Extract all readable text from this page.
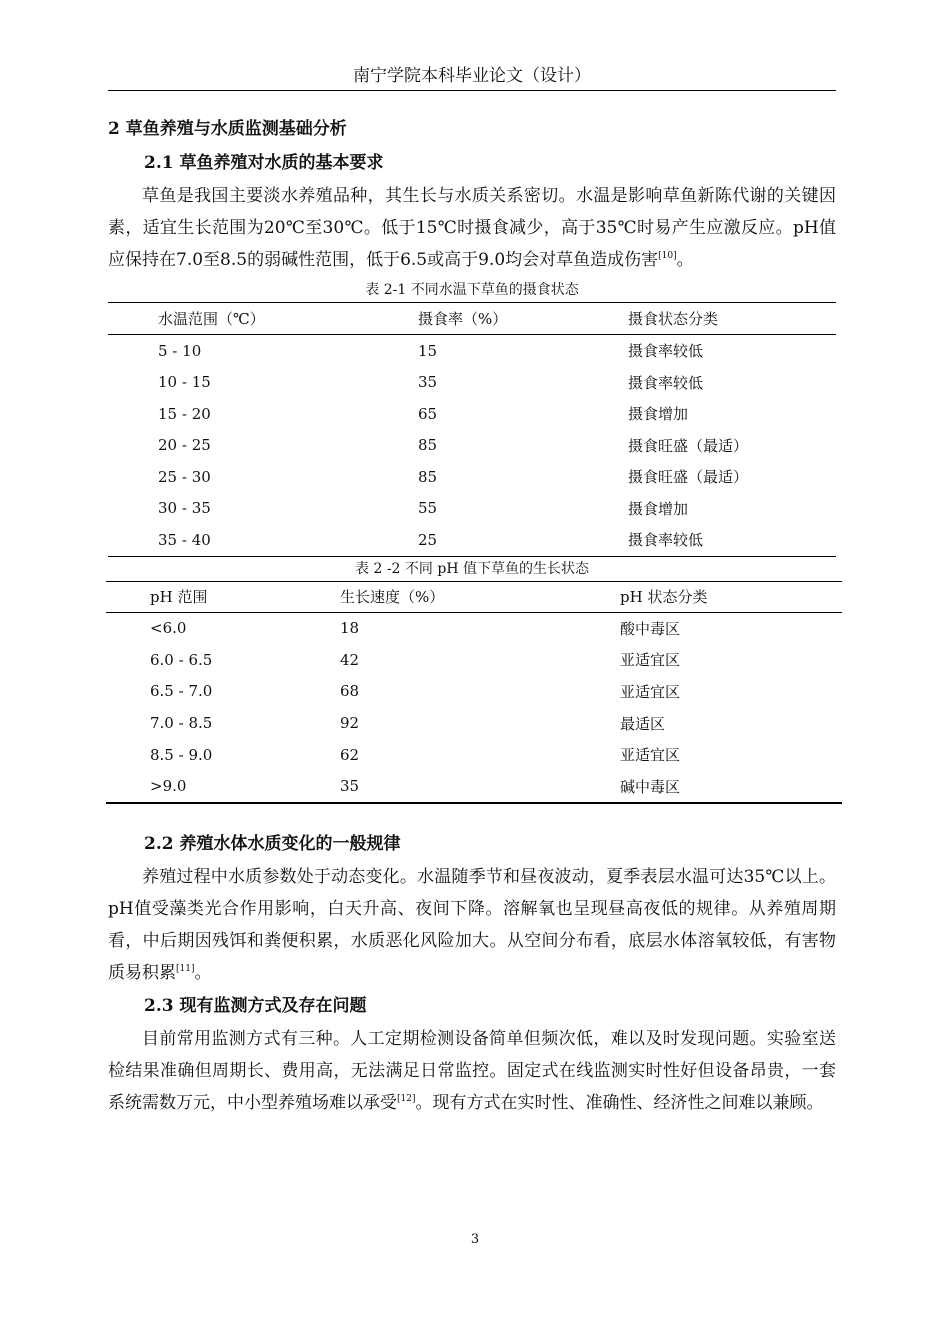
南宁学院本科毕业论文（设计）
2 草鱼养殖与水质监测基础分析
2.1 草鱼养殖对水质的基本要求

草鱼是我国主要淡水养殖品种，其生长与水质关系密切。水温是影响草鱼新陈代谢的关键因素，适宜生长范围为20℃至30℃。低于15℃时摄食减少，高于35℃时易产生应激反应。pH值应保持在7.0至8.5的弱碱性范围，低于6.5或高于9.0均会对草鱼造成伤害[10]。

表 2-1 不同水温下草鱼的摄食状态
水温范围（℃）	摄食率（%）	摄食状态分类
5 - 10	15	摄食率较低
10 - 15	35	摄食率较低
15 - 20	65	摄食增加
20 - 25	85	摄食旺盛（最适）
25 - 30	85	摄食旺盛（最适）
30 - 35	55	摄食增加
35 - 40	25	摄食率较低
表 2 -2 不同 pH 值下草鱼的生长状态
pH 范围	生长速度（%）	pH 状态分类
<6.0	18	酸中毒区
6.0 - 6.5	42	亚适宜区
6.5 - 7.0	68	亚适宜区
7.0 - 8.5	92	最适区
8.5 - 9.0	62	亚适宜区
>9.0	35	碱中毒区
2.2 养殖水体水质变化的一般规律

养殖过程中水质参数处于动态变化。水温随季节和昼夜波动，夏季表层水温可达35℃以上。pH值受藻类光合作用影响，白天升高、夜间下降。溶解氧也呈现昼高夜低的规律。从养殖周期看，中后期因残饵和粪便积累，水质恶化风险加大。从空间分布看，底层水体溶氧较低，有害物质易积累[11]。

2.3 现有监测方式及存在问题

目前常用监测方式有三种。人工定期检测设备简单但频次低，难以及时发现问题。实验室送检结果准确但周期长、费用高，无法满足日常监控。固定式在线监测实时性好但设备昂贵，一套系统需数万元，中小型养殖场难以承受[12]。现有方式在实时性、准确性、经济性之间难以兼顾。

3
